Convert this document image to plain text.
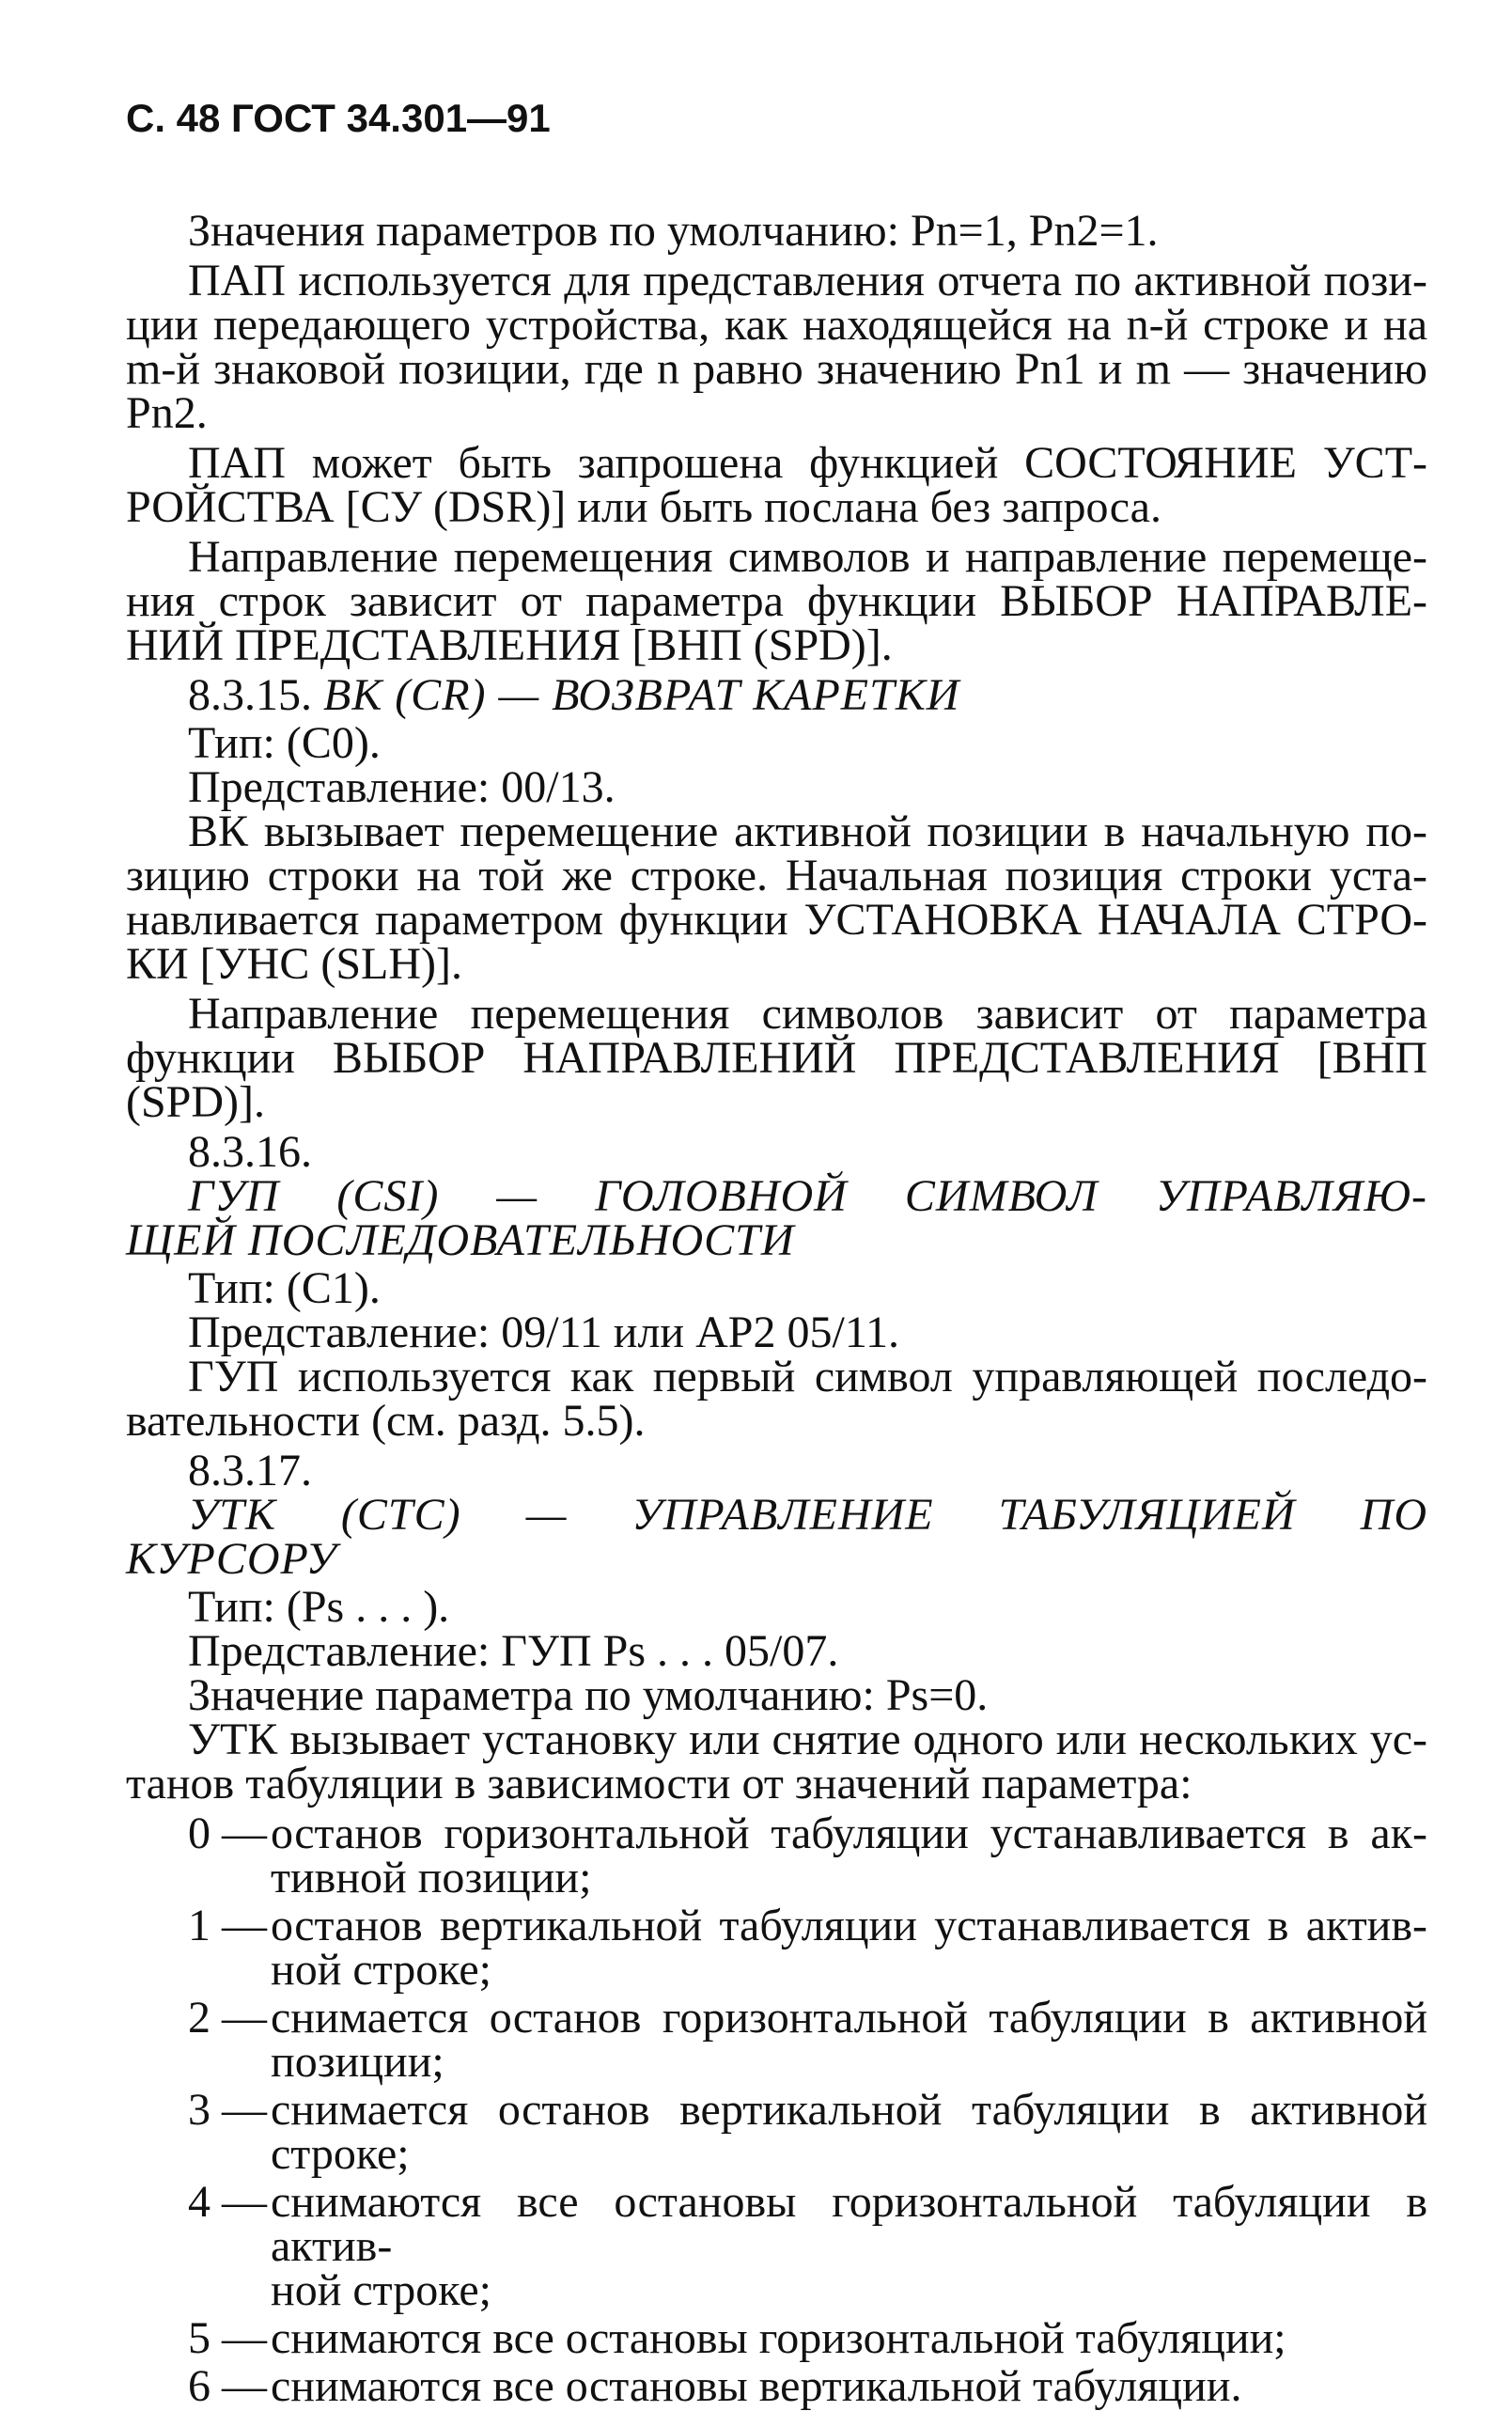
С. 48 ГОСТ 34.301—91

Значения параметров по умолчанию: Pn=1, Pn2=1.

ПАП используется для представления отчета по активной пози-
ции передающего устройства, как находящейся на n-й строке и на
m-й знаковой позиции, где n равно значению Pn1 и m — значению
Pn2.

ПАП может быть запрошена функцией СОСТОЯНИЕ УСТ-
РОЙСТВА [СУ (DSR)] или быть послана без запроса.

Направление перемещения символов и направление перемеще-
ния строк зависит от параметра функции ВЫБОР НАПРАВЛЕ-
НИЙ ПРЕДСТАВЛЕНИЯ [ВНП (SPD)].

8.3.15. ВК (CR) — ВОЗВРАТ КАРЕТКИ

Тип: (C0).

Представление: 00/13.

ВК вызывает перемещение активной позиции в начальную по-
зицию строки на той же строке. Начальная позиция строки уста-
навливается параметром функции УСТАНОВКА НАЧАЛА СТРО-
КИ [УНС (SLH)].

Направление перемещения символов зависит от параметра
функции ВЫБОР НАПРАВЛЕНИЙ ПРЕДСТАВЛЕНИЯ [ВНП
(SPD)].

8.3.16.
ГУП (CSI) — ГОЛОВНОЙ СИМВОЛ УПРАВЛЯЮ-
ЩЕЙ ПОСЛЕДОВАТЕЛЬНОСТИ

Тип: (C1).

Представление: 09/11 или AP2 05/11.

ГУП используется как первый символ управляющей последо-
вательности (см. разд. 5.5).

8.3.17.
УТК (CTC) — УПРАВЛЕНИЕ ТАБУЛЯЦИЕЙ ПО
КУРСОРУ

Тип: (Ps . . . ).

Представление: ГУП Ps . . . 05/07.

Значение параметра по умолчанию: Ps=0.

УТК вызывает установку или снятие одного или нескольких ус-
танов табуляции в зависимости от значений параметра:

0 — останов горизонтальной табуляции устанавливается в ак-
тивной позиции;
1 — останов вертикальной табуляции устанавливается в актив-
ной строке;
2 — снимается останов горизонтальной табуляции в активной
позиции;
3 — снимается останов вертикальной табуляции в активной
строке;
4 — снимаются все остановы горизонтальной табуляции в актив-
ной строке;
5 — снимаются все остановы горизонтальной табуляции;
6 — снимаются все остановы вертикальной табуляции.
